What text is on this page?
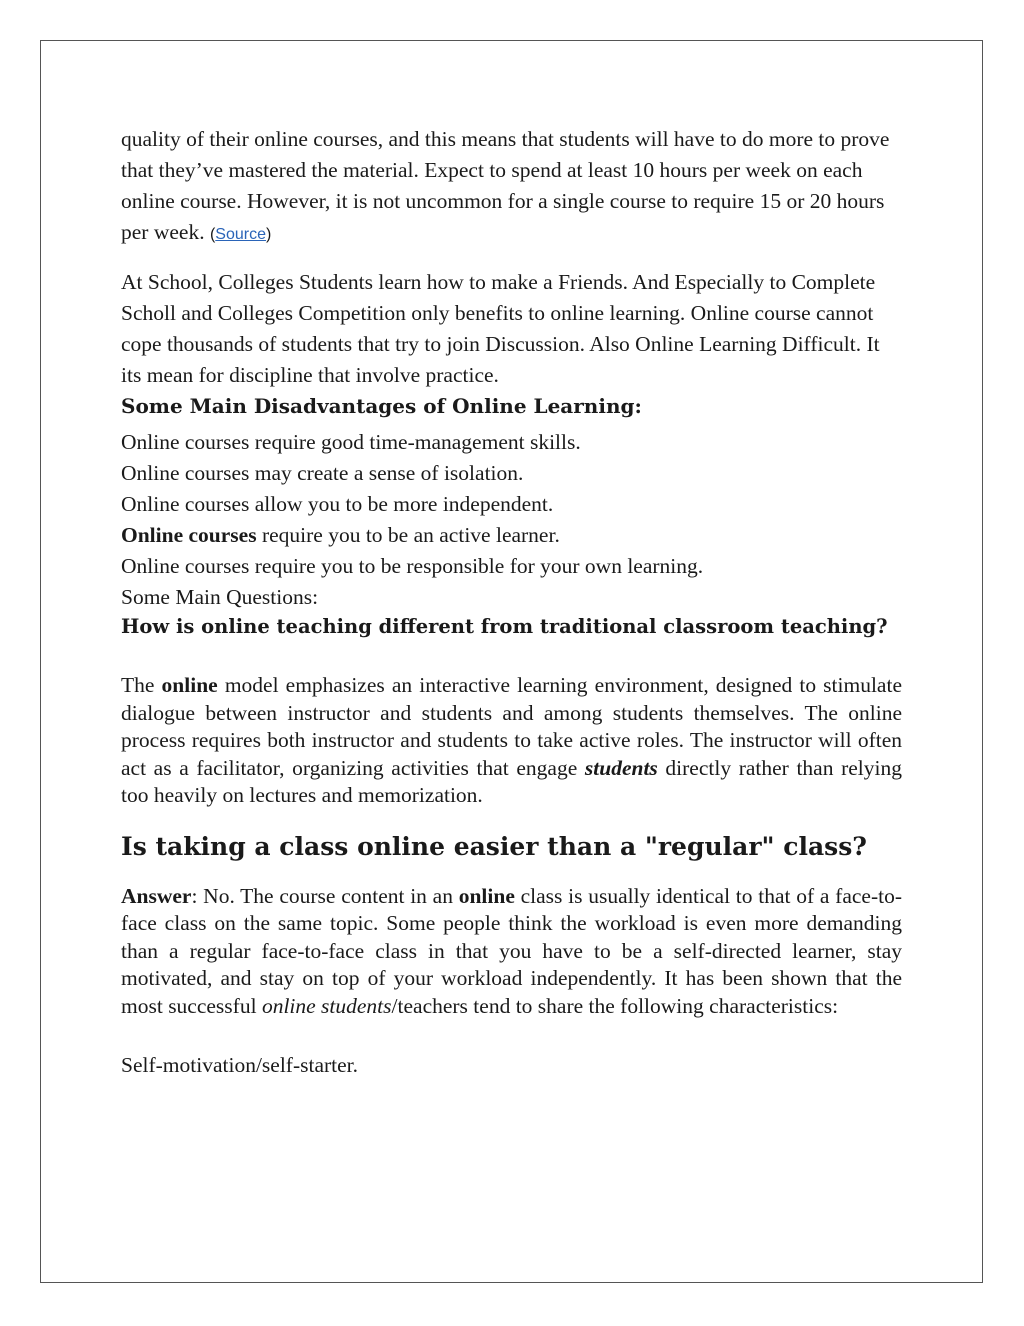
quality of their online courses, and this means that students will have to do more to prove that they’ve mastered the material. Expect to spend at least 10 hours per week on each online course. However, it is not uncommon for a single course to require 15 or 20 hours per week. (Source)

At School, Colleges Students learn how to make a Friends. And Especially to Complete Scholl and Colleges Competition only benefits to online learning. Online course cannot cope thousands of students that try to join Discussion. Also Online Learning Difficult. It its mean for discipline that involve practice.

Some Main Disadvantages of Online Learning:

Online courses require good time-management skills.

Online courses may create a sense of isolation.

Online courses allow you to be more independent.

Online courses require you to be an active learner.

Online courses require you to be responsible for your own learning.

Some Main Questions:

How is online teaching different from traditional classroom teaching?

The online model emphasizes an interactive learning environment, designed to stimulate dialogue between instructor and students and among students themselves. The online process requires both instructor and students to take active roles. The instructor will often act as a facilitator, organizing activities that engage students directly rather than relying too heavily on lectures and memorization.

Is taking a class online easier than a "regular" class?

Answer: No. The course content in an online class is usually identical to that of a face-to-face class on the same topic. Some people think the workload is even more demanding than a regular face-to-face class in that you have to be a self-directed learner, stay motivated, and stay on top of your workload independently. It has been shown that the most successful online students/teachers tend to share the following characteristics:

Self-motivation/self-starter.
